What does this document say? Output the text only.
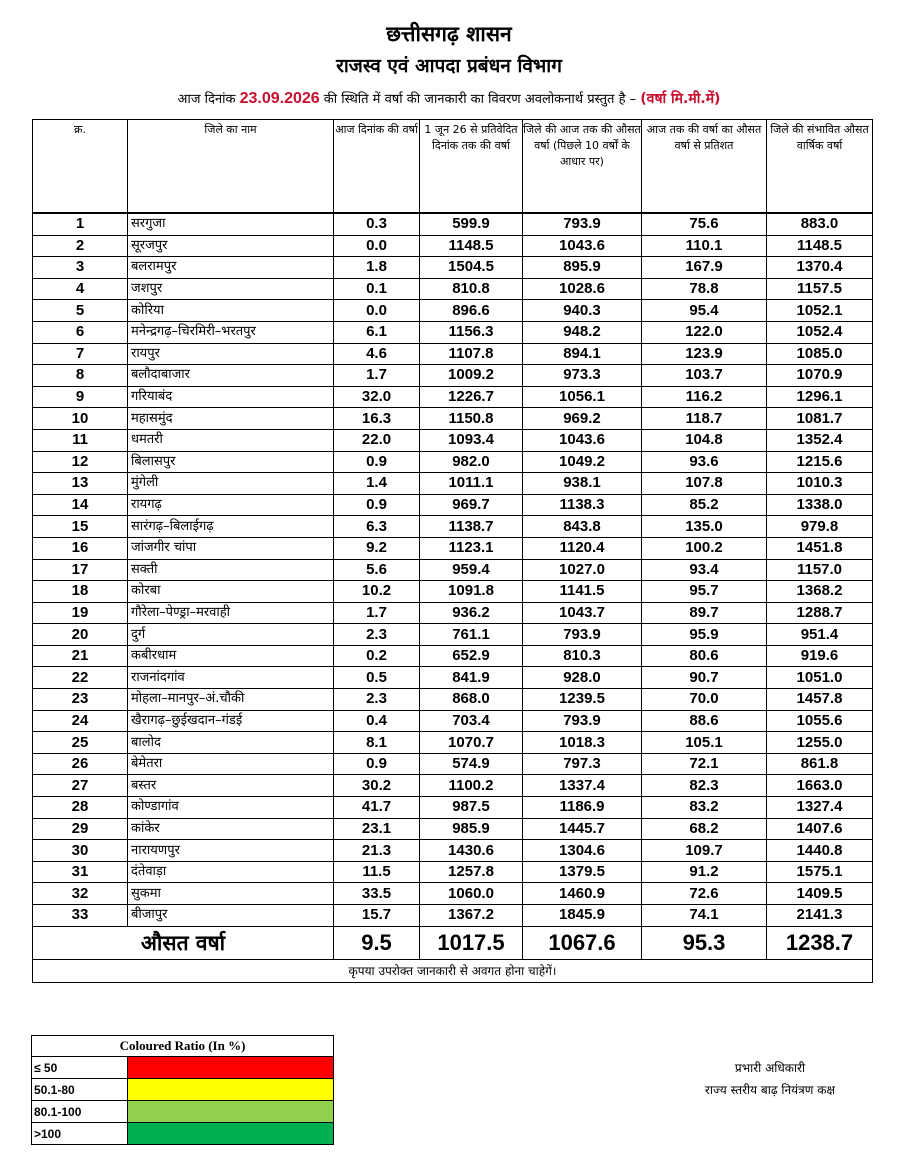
छत्तीसगढ़ शासन
राजस्व एवं आपदा प्रबंधन विभाग
आज दिनांक 23.09.2026 की स्थिति में वर्षा की जानकारी का विवरण अवलोकनार्थ प्रस्तुत है – (वर्षा मि.मी.में)
क्र.	जिले का नाम	आज दिनांक की वर्षा	1 जून 26 से प्रतिवेदित दिनांक तक की वर्षा	जिले की आज तक की औसत वर्षा (पिछले 10 वर्षों के आधार पर)	आज तक की वर्षा का औसत वर्षा से प्रतिशत	जिले की संभावित औसत वार्षिक वर्षा

1	सरगुजा	0.3	599.9	793.9	75.6	883.0
2	सूरजपुर	0.0	1148.5	1043.6	110.1	1148.5
3	बलरामपुर	1.8	1504.5	895.9	167.9	1370.4
4	जशपुर	0.1	810.8	1028.6	78.8	1157.5
5	कोरिया	0.0	896.6	940.3	95.4	1052.1
6	मनेन्द्रगढ़–चिरमिरी–भरतपुर	6.1	1156.3	948.2	122.0	1052.4
7	रायपुर	4.6	1107.8	894.1	123.9	1085.0
8	बलौदाबाजार	1.7	1009.2	973.3	103.7	1070.9
9	गरियाबंद	32.0	1226.7	1056.1	116.2	1296.1
10	महासमुंद	16.3	1150.8	969.2	118.7	1081.7
11	धमतरी	22.0	1093.4	1043.6	104.8	1352.4
12	बिलासपुर	0.9	982.0	1049.2	93.6	1215.6
13	मुंगेली	1.4	1011.1	938.1	107.8	1010.3
14	रायगढ़	0.9	969.7	1138.3	85.2	1338.0
15	सारंगढ़–बिलाईगढ़	6.3	1138.7	843.8	135.0	979.8
16	जांजगीर चांपा	9.2	1123.1	1120.4	100.2	1451.8
17	सक्ती	5.6	959.4	1027.0	93.4	1157.0
18	कोरबा	10.2	1091.8	1141.5	95.7	1368.2
19	गौरेला–पेण्ड्रा–मरवाही	1.7	936.2	1043.7	89.7	1288.7
20	दुर्ग	2.3	761.1	793.9	95.9	951.4
21	कबीरधाम	0.2	652.9	810.3	80.6	919.6
22	राजनांदगांव	0.5	841.9	928.0	90.7	1051.0
23	मोहला–मानपुर–अं.चौकी	2.3	868.0	1239.5	70.0	1457.8
24	खैरागढ़–छुईखदान–गंडई	0.4	703.4	793.9	88.6	1055.6
25	बालोद	8.1	1070.7	1018.3	105.1	1255.0
26	बेमेतरा	0.9	574.9	797.3	72.1	861.8
27	बस्तर	30.2	1100.2	1337.4	82.3	1663.0
28	कोण्डागांव	41.7	987.5	1186.9	83.2	1327.4
29	कांकेर	23.1	985.9	1445.7	68.2	1407.6
30	नारायणपुर	21.3	1430.6	1304.6	109.7	1440.8
31	दंतेवाड़ा	11.5	1257.8	1379.5	91.2	1575.1
32	सुकमा	33.5	1060.0	1460.9	72.6	1409.5
33	बीजापुर	15.7	1367.2	1845.9	74.1	2141.3
औसत वर्षा		9.5	1017.5	1067.6	95.3	1238.7
कृपया उपरोक्त जानकारी से अवगत होना चाहेगें।						
Coloured Ratio (In %)	
≤ 50	
50.1-80	
80.1-100	
>100	
प्रभारी अधिकारी
राज्य स्तरीय बाढ़ नियंत्रण कक्ष
